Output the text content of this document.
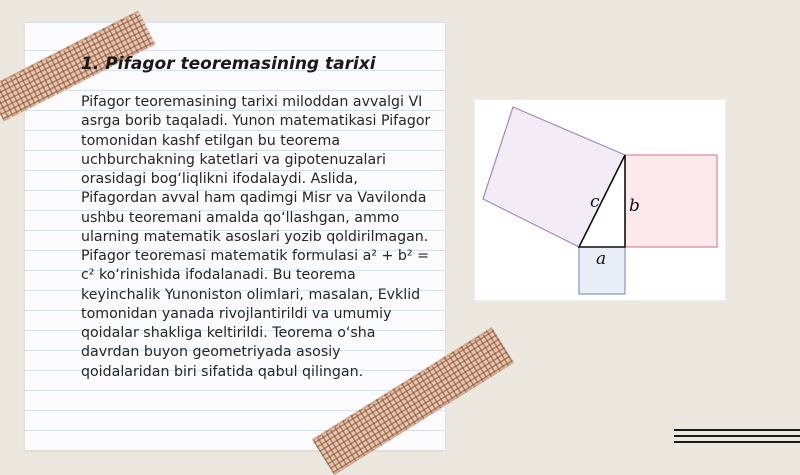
1. Pifagor teoremasining tarixi

Pifagor teoremasining tarixi miloddan avvalgi VI asrga borib taqaladi. Yunon matematikasi Pifagor tomonidan kashf etilgan bu teorema uchburchakning katetlari va gipotenuzalari orasidagi bog‘liqlikni ifodalaydi. Aslida, Pifagordan avval ham qadimgi Misr va Vavilonda ushbu teoremani amalda qo‘llashgan, ammo ularning matematik asoslari yozib qoldirilmagan. Pifagor teoremasi matematik formulasi a² + b² = c² ko‘rinishida ifodalanadi. Bu teorema keyinchalik Yunoniston olimlari, masalan, Evklid tomonidan yanada rivojlantirildi va umumiy qoidalar shakliga keltirildi. Teorema o‘sha davrdan buyon geometriyada asosiy qoidalaridan biri sifatida qabul qilingan.

c b
a
